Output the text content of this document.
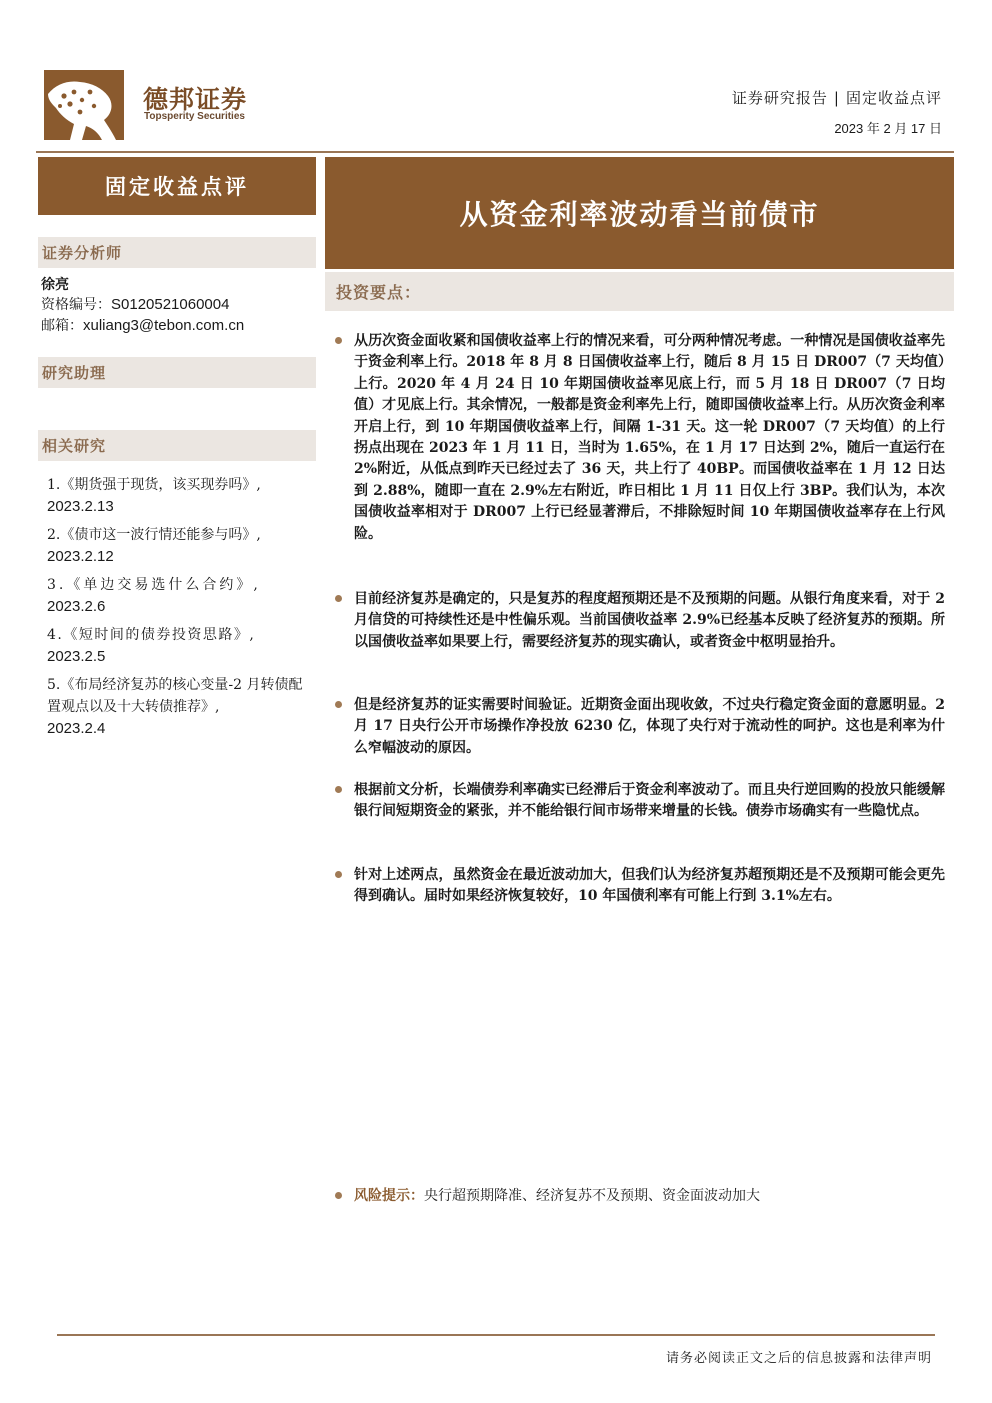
德邦证券
Topsperity Securities
证券研究报告 | 固定收益点评
2023 年 2 月 17 日
固定收益点评
从资金利率波动看当前债市
证券分析师
徐亮
资格编号：S0120521060004
邮箱：xuliang3@tebon.com.cn
研究助理
相关研究
1.《期货强于现货，该买现券吗》,
2023.2.13
2.《债市这一波行情还能参与吗》,
2023.2.12
3.《单边交易选什么合约》,
2023.2.6
4.《短时间的债券投资思路》,
2023.2.5
5.《布局经济复苏的核心变量-2 月转债配置观点以及十大转债推荐》,
2023.2.4
投资要点：
从历次资金面收紧和国债收益率上行的情况来看，可分两种情况考虑。一种情况是国债收益率先于资金利率上行。2018 年 8 月 8 日国债收益率上行，随后 8 月 15 日 DR007（7 天均值）上行。2020 年 4 月 24 日 10 年期国债收益率见底上行，而 5 月 18 日 DR007（7 日均值）才见底上行。其余情况，一般都是资金利率先上行，随即国债收益率上行。从历次资金利率开启上行，到 10 年期国债收益率上行，间隔 1-31 天。这一轮 DR007（7 天均值）的上行拐点出现在 2023 年 1 月 11 日，当时为 1.65%，在 1 月 17 日达到 2%，随后一直运行在 2%附近，从低点到昨天已经过去了 36 天，共上行了 40BP。而国债收益率在 1 月 12 日达到 2.88%，随即一直在 2.9%左右附近，昨日相比 1 月 11 日仅上行 3BP。我们认为，本次国债收益率相对于 DR007 上行已经显著滞后，不排除短时间 10 年期国债收益率存在上行风险。
目前经济复苏是确定的，只是复苏的程度超预期还是不及预期的问题。从银行角度来看，对于 2 月信贷的可持续性还是中性偏乐观。当前国债收益率 2.9%已经基本反映了经济复苏的预期。所以国债收益率如果要上行，需要经济复苏的现实确认，或者资金中枢明显抬升。
但是经济复苏的证实需要时间验证。近期资金面出现收敛，不过央行稳定资金面的意愿明显。2 月 17 日央行公开市场操作净投放 6230 亿，体现了央行对于流动性的呵护。这也是利率为什么窄幅波动的原因。
根据前文分析，长端债券利率确实已经滞后于资金利率波动了。而且央行逆回购的投放只能缓解银行间短期资金的紧张，并不能给银行间市场带来增量的长钱。债券市场确实有一些隐忧点。
针对上述两点，虽然资金在最近波动加大，但我们认为经济复苏超预期还是不及预期可能会更先得到确认。届时如果经济恢复较好，10 年国债利率有可能上行到 3.1%左右。
风险提示：央行超预期降准、经济复苏不及预期、资金面波动加大
请务必阅读正文之后的信息披露和法律声明
